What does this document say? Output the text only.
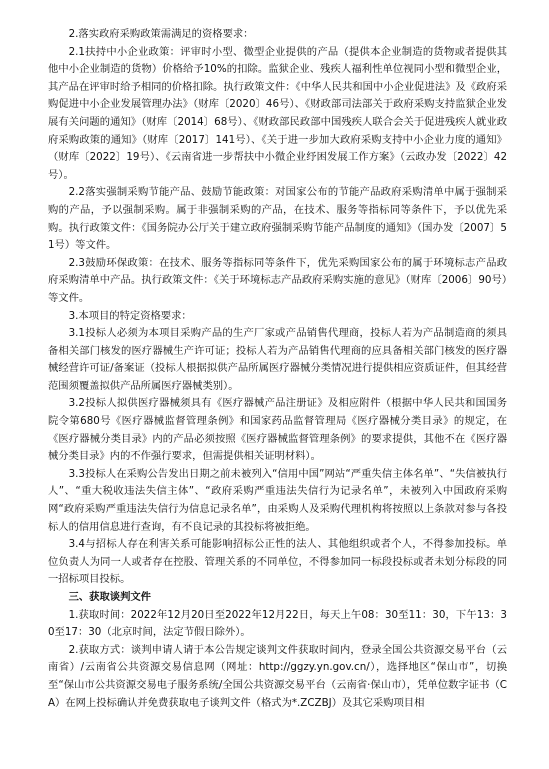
2.落实政府采购政策需满足的资格要求：

2.1扶持中小企业政策：评审时小型、微型企业提供的产品（提供本企业制造的货物或者提供其他中小企业制造的货物）价格给予10%的扣除。监狱企业、残疾人福利性单位视同小型和微型企业，其产品在评审时给予相同的价格扣除。执行政策文件：《中华人民共和国中小企业促进法》及《政府采购促进中小企业发展管理办法》（财库〔2020〕46号）、《财政部司法部关于政府采购支持监狱企业发展有关问题的通知》（财库〔2014〕68号）、《财政部民政部中国残疾人联合会关于促进残疾人就业政府采购政策的通知》（财库〔2017〕141号）、《关于进一步加大政府采购支持中小企业力度的通知》（财库〔2022〕19号）、《云南省进一步帮扶中小微企业纾困发展工作方案》（云政办发〔2022〕42号）。

2.2落实强制采购节能产品、鼓励节能政策：对国家公布的节能产品政府采购清单中属于强制采购的产品，予以强制采购。属于非强制采购的产品，在技术、服务等指标同等条件下，予以优先采购。执行政策文件：《国务院办公厅关于建立政府强制采购节能产品制度的通知》（国办发〔2007〕51号）等文件。

2.3鼓励环保政策：在技术、服务等指标同等条件下，优先采购国家公布的属于环境标志产品政府采购清单中产品。执行政策文件：《关于环境标志产品政府采购实施的意见》（财库〔2006〕90号）等文件。

3.本项目的特定资格要求：

3.1投标人必须为本项目采购产品的生产厂家或产品销售代理商，投标人若为产品制造商的须具备相关部门核发的医疗器械生产许可证；投标人若为产品销售代理商的应具备相关部门核发的医疗器械经营许可证/备案证（投标人根据拟供产品所属医疗器械分类情况进行提供相应资质证件，但其经营范围须覆盖拟供产品所属医疗器械类别）。

3.2投标人拟供医疗器械须具有《医疗器械产品注册证》及相应附件（根据中华人民共和国国务院令第680号《医疗器械监督管理条例》和国家药品监督管理局《医疗器械分类目录》的规定，在《医疗器械分类目录》内的产品必须按照《医疗器械监督管理条例》的要求提供，其他不在《医疗器械分类目录》内的不作强行要求，但需提供相关证明材料）。

3.3投标人在采购公告发出日期之前未被列入“信用中国”网站“严重失信主体名单”、“失信被执行人”、“重大税收违法失信主体”、“政府采购严重违法失信行为记录名单”，未被列入中国政府采购网“政府采购严重违法失信行为信息记录名单”，由采购人及采购代理机构将按照以上条款对参与各投标人的信用信息进行查询，有不良记录的其投标将被拒绝。

3.4与招标人存在利害关系可能影响招标公正性的法人、其他组织或者个人，不得参加投标。单位负责人为同一人或者存在控股、管理关系的不同单位，不得参加同一标段投标或者未划分标段的同一招标项目投标。

三、获取谈判文件

1.获取时间：2022年12月20日至2022年12月22日，每天上午08：30至11：30，下午13：30至17：30（北京时间，法定节假日除外）。

2.获取方式：谈判申请人请于本公告规定谈判文件获取时间内，登录全国公共资源交易平台（云南省）/云南省公共资源交易信息网（网址：http://ggzy.yn.gov.cn/），选择地区“保山市”，切换至“保山市公共资源交易电子服务系统/全国公共资源交易平台（云南省·保山市），凭单位数字证书（CA）在网上投标确认并免费获取电子谈判文件（格式为*.ZCZBJ）及其它采购项目相
